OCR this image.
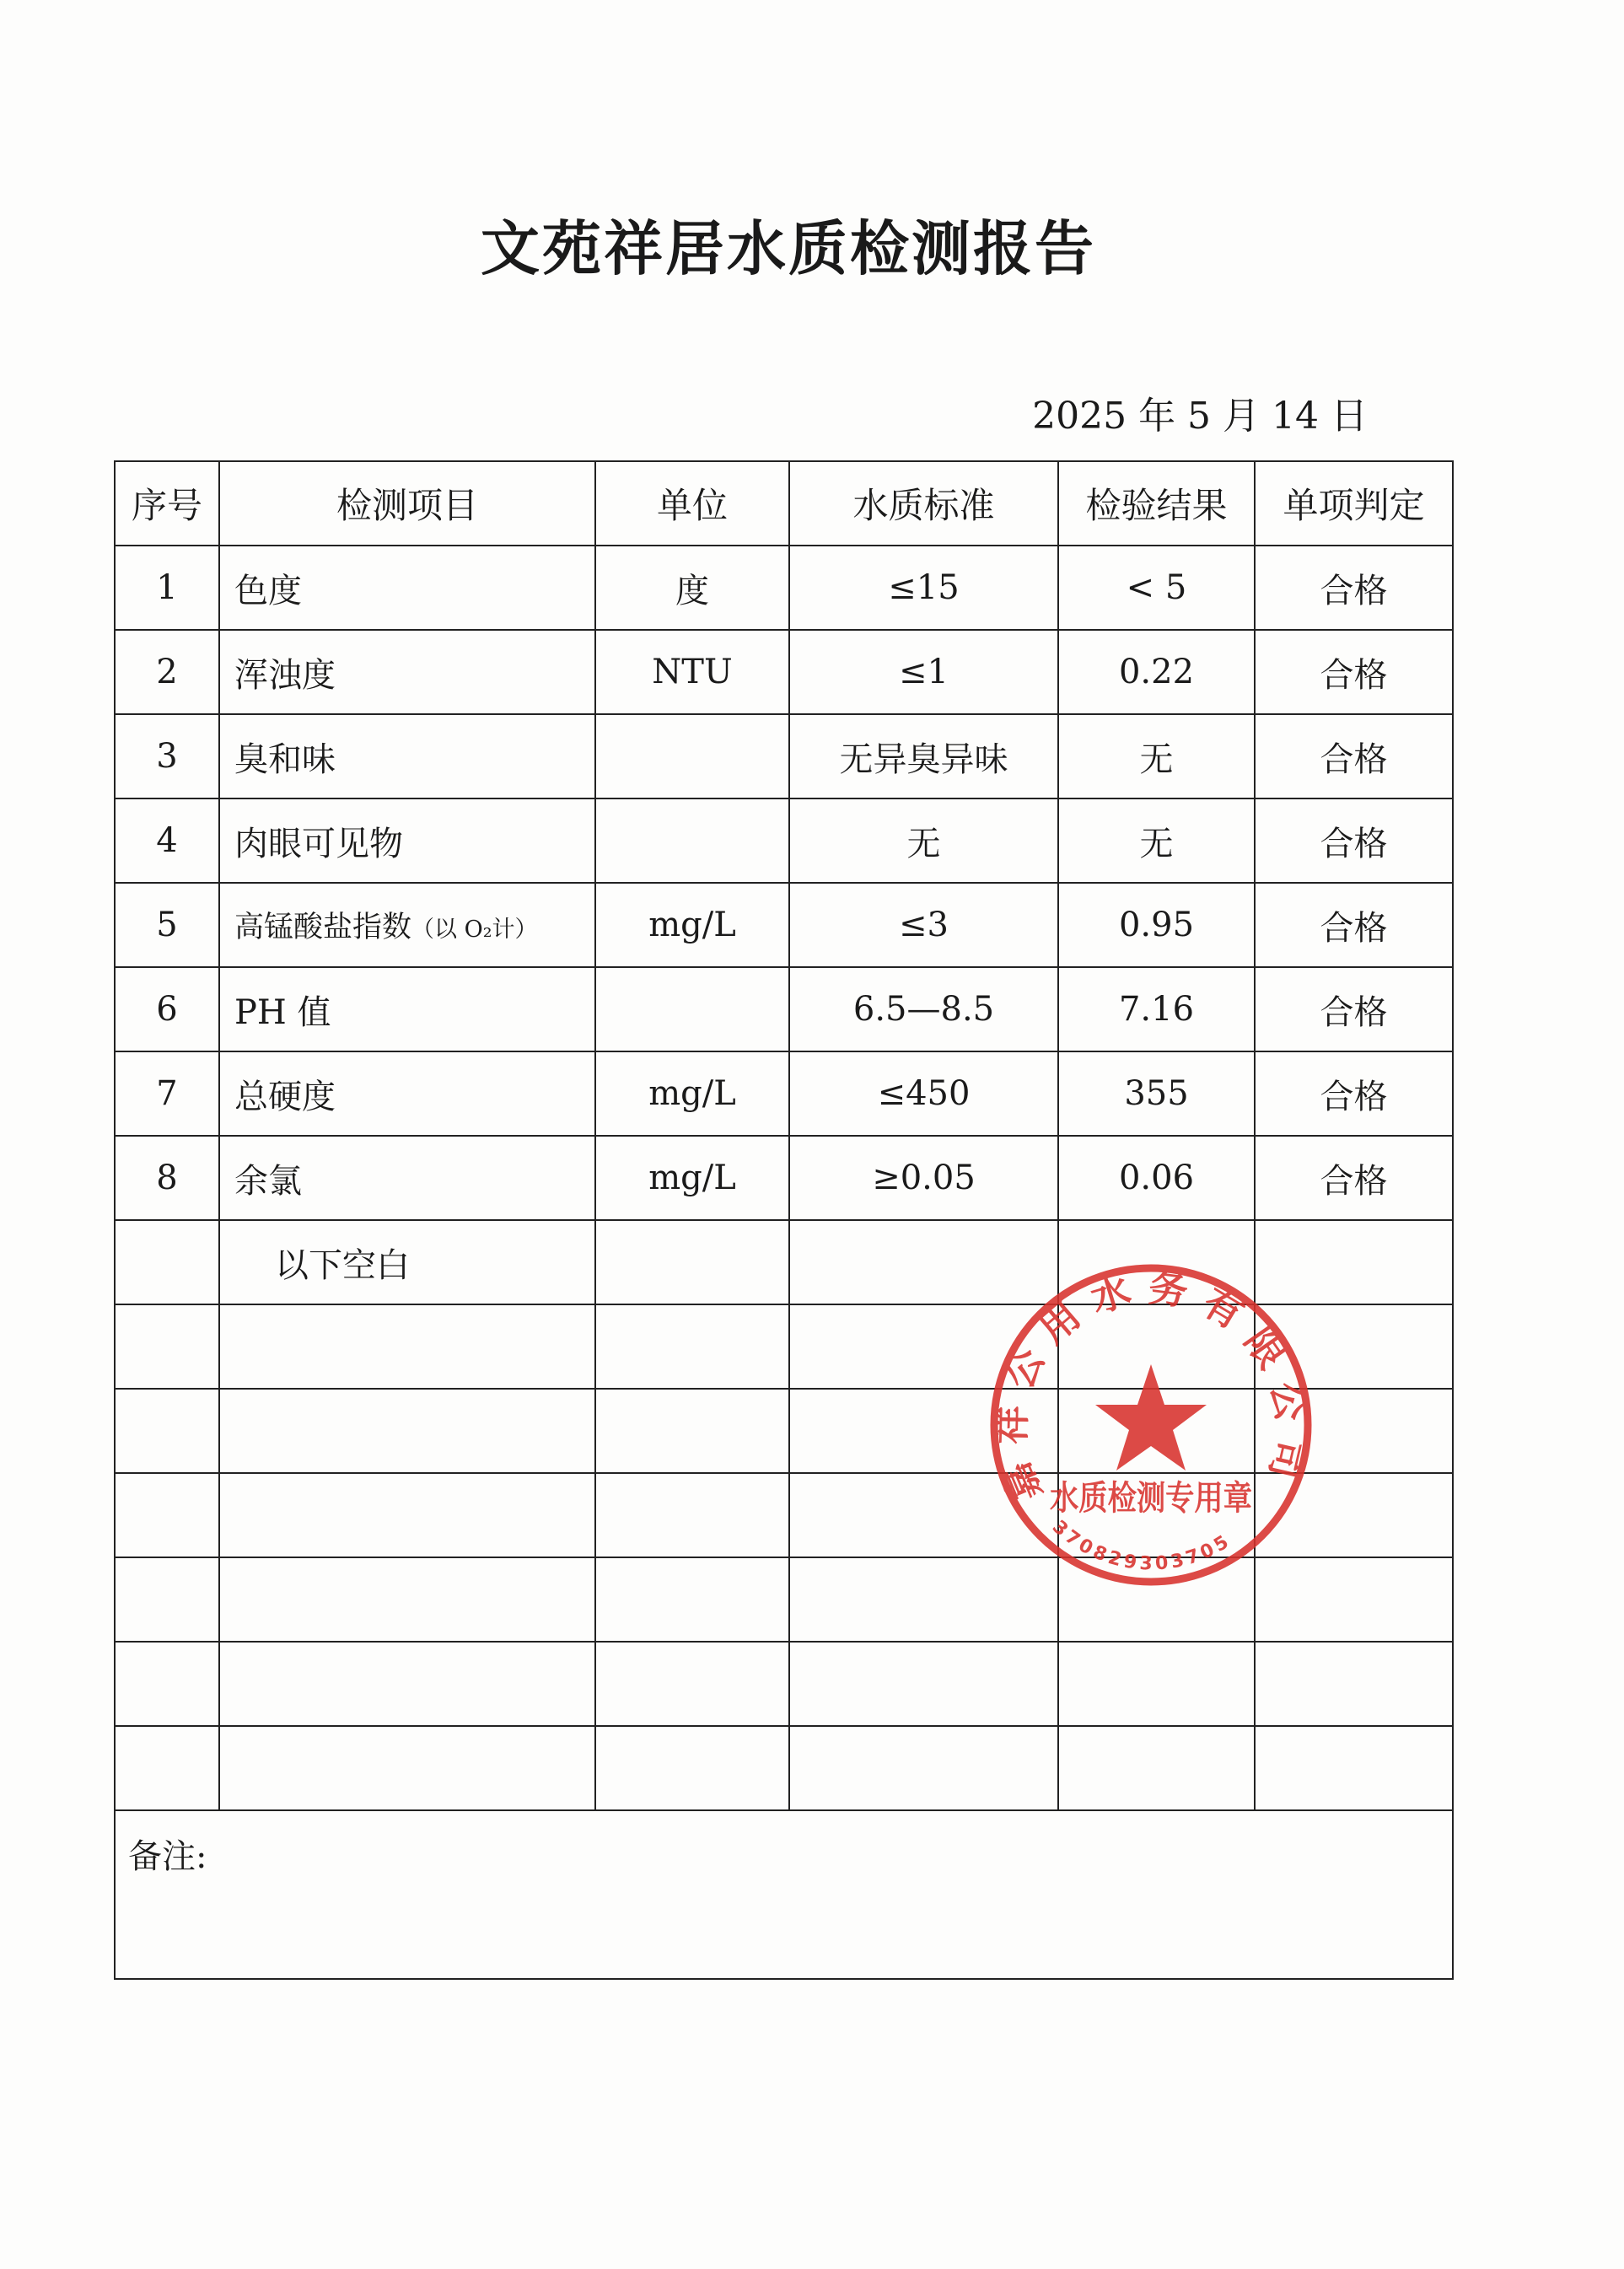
文苑祥居水质检测报告
2025 年 5 月 14 日
序号	检测项目	单位	水质标准	检验结果	单项判定
1	色度	度	≤15	< 5	合格
2	浑浊度	NTU	≤1	0.22	合格
3	臭和味		无异臭异味	无	合格
4	肉眼可见物		无	无	合格
5	高锰酸盐指数（以 O₂计）	mg/L	≤3	0.95	合格
6	PH 值		6.5—8.5	7.16	合格
7	总硬度	mg/L	≤450	355	合格
8	余氯	mg/L	≥0.05	0.06	合格
	以下空白				

备注:					
嘉祥公用水务有限公司
水质检测专用章
370829303705
